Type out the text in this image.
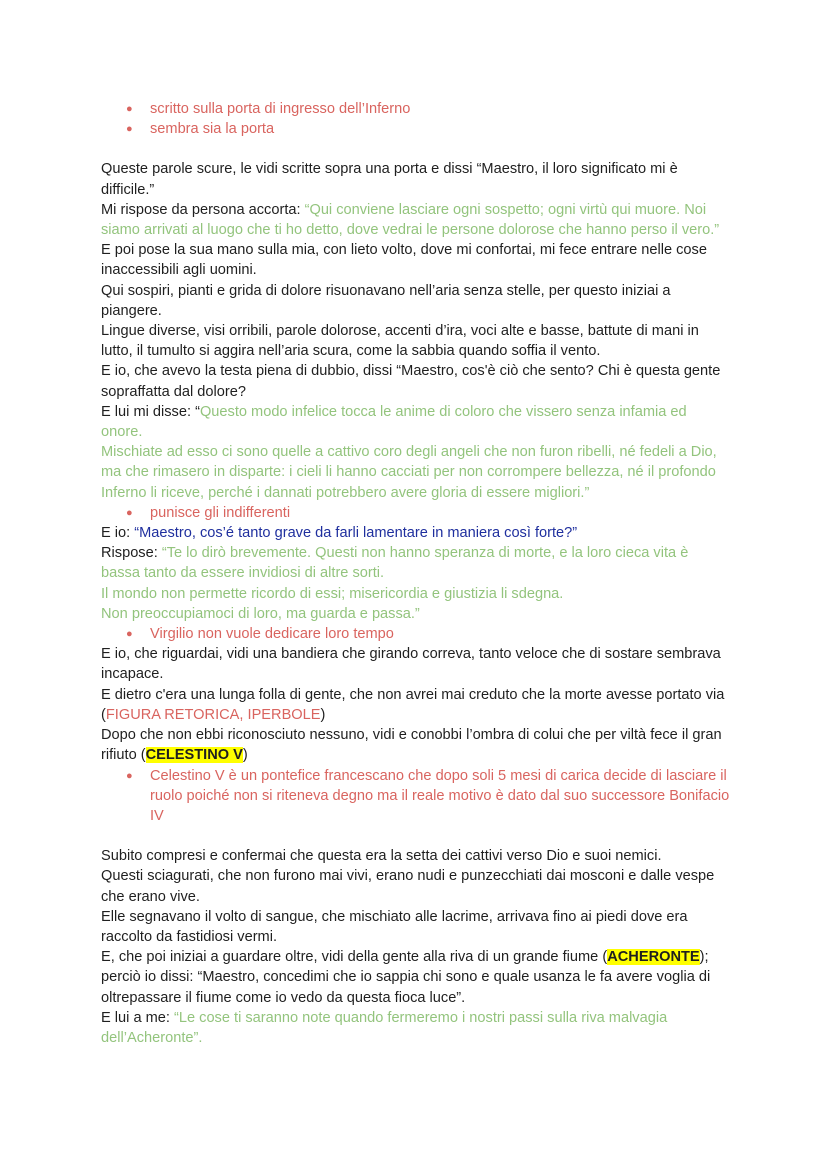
● scritto sulla porta di ingresso dell’Inferno
● sembra sia la porta

Queste parole scure, le vidi scritte sopra una porta e dissi “Maestro, il loro significato mi è difficile.”

Mi rispose da persona accorta: “Qui conviene lasciare ogni sospetto; ogni virtù qui muore. Noi siamo arrivati al luogo che ti ho detto, dove vedrai le persone dolorose che hanno perso il vero.”

E poi pose la sua mano sulla mia, con lieto volto, dove mi confortai, mi fece entrare nelle cose inaccessibili agli uomini.

Qui sospiri, pianti e grida di dolore risuonavano nell’aria senza stelle, per questo iniziai a piangere.

Lingue diverse, visi orribili, parole dolorose, accenti d’ira, voci alte e basse, battute di mani in lutto, il tumulto si aggira nell’aria scura, come la sabbia quando soffia il vento.

E io, che avevo la testa piena di dubbio, dissi “Maestro, cos'è ciò che sento? Chi è questa gente sopraffatta dal dolore?

E lui mi disse: “Questo modo infelice tocca le anime di coloro che vissero senza infamia ed onore.

Mischiate ad esso ci sono quelle a cattivo coro degli angeli che non furon ribelli, né fedeli a Dio, ma che rimasero in disparte: i cieli li hanno cacciati per non corrompere bellezza, né il profondo Inferno li riceve, perché i dannati potrebbero avere gloria di essere migliori.”

● punisce gli indifferenti

E io: “Maestro, cos’é tanto grave da farli lamentare in maniera così forte?”

Rispose: “Te lo dirò brevemente. Questi non hanno speranza di morte, e la loro cieca vita è bassa tanto da essere invidiosi di altre sorti.

Il mondo non permette ricordo di essi; misericordia e giustizia li sdegna.

Non preoccupiamoci di loro, ma guarda e passa.”

● Virgilio non vuole dedicare loro tempo

E io, che riguardai, vidi una bandiera che girando correva, tanto veloce che di sostare sembrava incapace.

E dietro c'era una lunga folla di gente, che non avrei mai creduto che la morte avesse portato via (FIGURA RETORICA, IPERBOLE)

Dopo che non ebbi riconosciuto nessuno, vidi e conobbi l’ombra di colui che per viltà fece il gran rifiuto (CELESTINO V)

● Celestino V è un pontefice francescano che dopo soli 5 mesi di carica decide di lasciare il ruolo poiché non si riteneva degno ma il reale motivo è dato dal suo successore Bonifacio IV

Subito compresi e confermai che questa era la setta dei cattivi verso Dio e suoi nemici.

Questi sciagurati, che non furono mai vivi, erano nudi e punzecchiati dai mosconi e dalle vespe che erano vive.

Elle segnavano il volto di sangue, che mischiato alle lacrime, arrivava fino ai piedi dove era raccolto da fastidiosi vermi.

E, che poi iniziai a guardare oltre, vidi della gente alla riva di un grande fiume (ACHERONTE); perciò io dissi: “Maestro, concedimi che io sappia chi sono e quale usanza le fa avere voglia di oltrepassare il fiume come io vedo da questa fioca luce”.

E lui a me: “Le cose ti saranno note quando fermeremo i nostri passi sulla riva malvagia dell’Acheronte”.
